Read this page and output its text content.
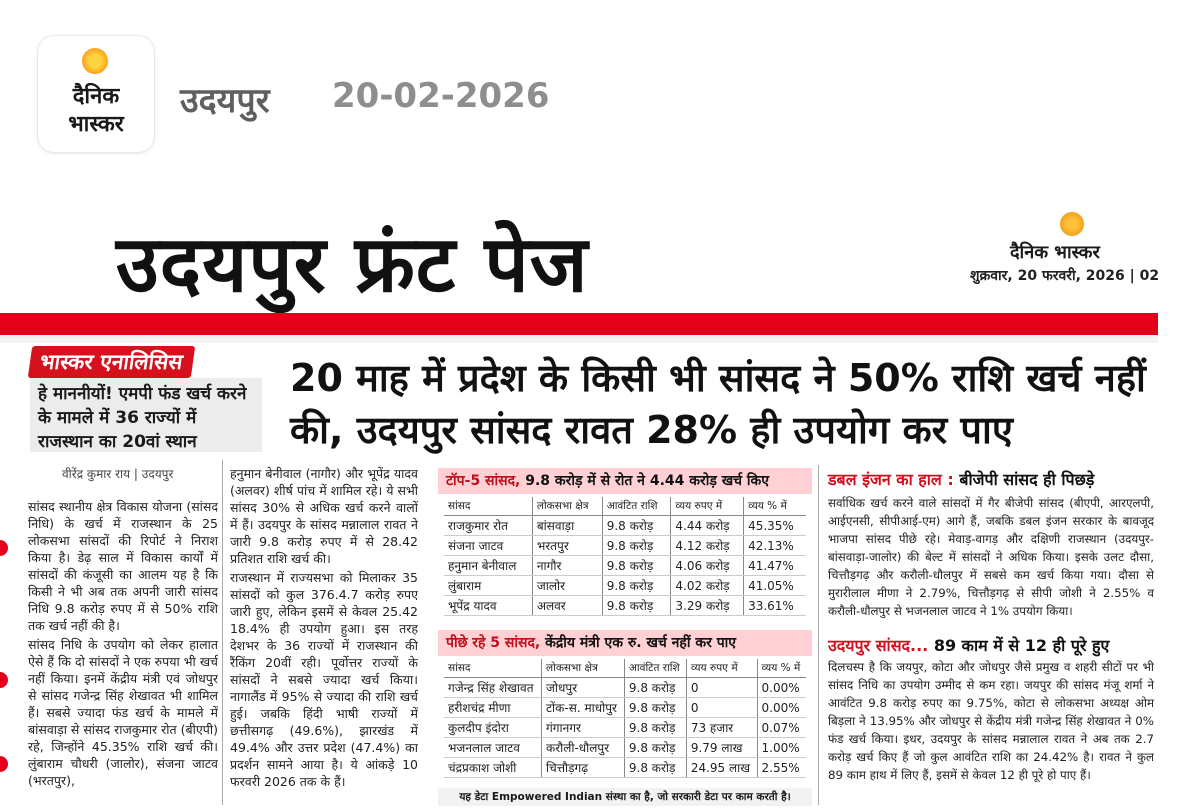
दैनिक
भास्कर
उदयपुर 20-02-2026
उदयपुर फ्रंट पेज	दैनिक भास्कर
शुक्रवार, 20 फरवरी, 2026 | 02
भास्कर एनालिसिस
हे माननीयों! एमपी फंड खर्च करने के मामले में 36 राज्यों में राजस्थान का 20वां स्थान
20 माह में प्रदेश के किसी भी सांसद ने 50% राशि खर्च नहीं की, उदयपुर सांसद रावत 28% ही उपयोग कर पाए
वीरेंद्र कुमार राय | उदयपुर

सांसद स्थानीय क्षेत्र विकास योजना (सांसद निधि) के खर्च में राजस्थान के 25 लोकसभा सांसदों की रिपोर्ट ने निराश किया है। डेढ़ साल में विकास कार्यों में सांसदों की कंजूसी का आलम यह है कि किसी ने भी अब तक अपनी जारी सांसद निधि 9.8 करोड़ रुपए में से 50% राशि तक खर्च नहीं की है।

सांसद निधि के उपयोग को लेकर हालात ऐसे हैं कि दो सांसदों ने एक रुपया भी खर्च नहीं किया। इनमें केंद्रीय मंत्री एवं जोधपुर से सांसद गजेन्द्र सिंह शेखावत भी शामिल हैं। सबसे ज्यादा फंड खर्च के मामले में बांसवाड़ा से सांसद राजकुमार रोत (बीएपी) रहे, जिन्होंने 45.35% राशि खर्च की। लुंबाराम चौधरी (जालोर), संजना जाटव (भरतपुर),

हनुमान बेनीवाल (नागौर) और भूपेंद्र यादव (अलवर) शीर्ष पांच में शामिल रहे। ये सभी सांसद 30% से अधिक खर्च करने वालों में हैं। उदयपुर के सांसद मन्नालाल रावत ने जारी 9.8 करोड़ रुपए में से 28.42 प्रतिशत राशि खर्च की।

राजस्थान में राज्यसभा को मिलाकर 35 सांसदों को कुल 376.4.7 करोड़ रुपए जारी हुए, लेकिन इसमें से केवल 25.42 18.4% ही उपयोग हुआ। इस तरह देशभर के 36 राज्यों में राजस्थान की रैंकिंग 20वीं रही। पूर्वोत्तर राज्यों के सांसदों ने सबसे ज्यादा खर्च किया। नागालैंड में 95% से ज्यादा की राशि खर्च हुई। जबकि हिंदी भाषी राज्यों में छत्तीसगढ़ (49.6%), झारखंड में 49.4% और उत्तर प्रदेश (47.4%) का प्रदर्शन सामने आया है। ये आंकड़े 10 फरवरी 2026 तक के हैं।

टॉप-5 सांसद, 9.8 करोड़ में से रोत ने 4.44 करोड़ खर्च किए
सांसद	लोकसभा क्षेत्र	आवंटित राशि	व्यय रुपए में	व्यय % में
राजकुमार रोत	बांसवाड़ा	9.8 करोड़	4.44 करोड़	45.35%
संजना जाटव	भरतपुर	9.8 करोड़	4.12 करोड़	42.13%
हनुमान बेनीवाल	नागौर	9.8 करोड़	4.06 करोड़	41.47%
लुंबाराम	जालोर	9.8 करोड़	4.02 करोड़	41.05%
भूपेंद्र यादव	अलवर	9.8 करोड़	3.29 करोड़	33.61%
पीछे रहे 5 सांसद, केंद्रीय मंत्री एक रु. खर्च नहीं कर पाए
सांसद	लोकसभा क्षेत्र	आवंटित राशि	व्यय रुपए में	व्यय % में
गजेन्द्र सिंह शेखावत	जोधपुर	9.8 करोड़	0	0.00%
हरीशचंद्र मीणा	टोंक-स. माधोपुर	9.8 करोड़	0	0.00%
कुलदीप इंदोरा	गंगानगर	9.8 करोड़	73 हजार	0.07%
भजनलाल जाटव	करौली-धौलपुर	9.8 करोड़	9.79 लाख	1.00%
चंद्रप्रकाश जोशी	चित्तौड़गढ़	9.8 करोड़	24.95 लाख	2.55%
यह डेटा Empowered Indian संस्था का है, जो सरकारी डेटा पर काम करती है।
डबल इंजन का हाल : बीजेपी सांसद ही पिछड़े
सर्वाधिक खर्च करने वाले सांसदों में गैर बीजेपी सांसद (बीएपी, आरएलपी, आईएनसी, सीपीआई-एम) आगे हैं, जबकि डबल इंजन सरकार के बावजूद भाजपा सांसद पीछे रहे। मेवाड़-वागड़ और दक्षिणी राजस्थान (उदयपुर-बांसवाड़ा-जालोर) की बेल्ट में सांसदों ने अधिक किया। इसके उलट दौसा, चित्तौड़गढ़ और करौली-धौलपुर में सबसे कम खर्च किया गया। दौसा से मुरारीलाल मीणा ने 2.79%, चित्तौड़गढ़ से सीपी जोशी ने 2.55% व करौली-धौलपुर से भजनलाल जाटव ने 1% उपयोग किया।
उदयपुर सांसद... 89 काम में से 12 ही पूरे हुए
दिलचस्प है कि जयपुर, कोटा और जोधपुर जैसे प्रमुख व शहरी सीटों पर भी सांसद निधि का उपयोग उम्मीद से कम रहा। जयपुर की सांसद मंजू शर्मा ने आवंटित 9.8 करोड़ रुपए का 9.75%, कोटा से लोकसभा अध्यक्ष ओम बिड़ला ने 13.95% और जोधपुर से केंद्रीय मंत्री गजेन्द्र सिंह शेखावत ने 0% फंड खर्च किया। इधर, उदयपुर के सांसद मन्नालाल रावत ने अब तक 2.7 करोड़ खर्च किए हैं जो कुल आवंटित राशि का 24.42% है। रावत ने कुल 89 काम हाथ में लिए हैं, इसमें से केवल 12 ही पूरे हो पाए हैं।
